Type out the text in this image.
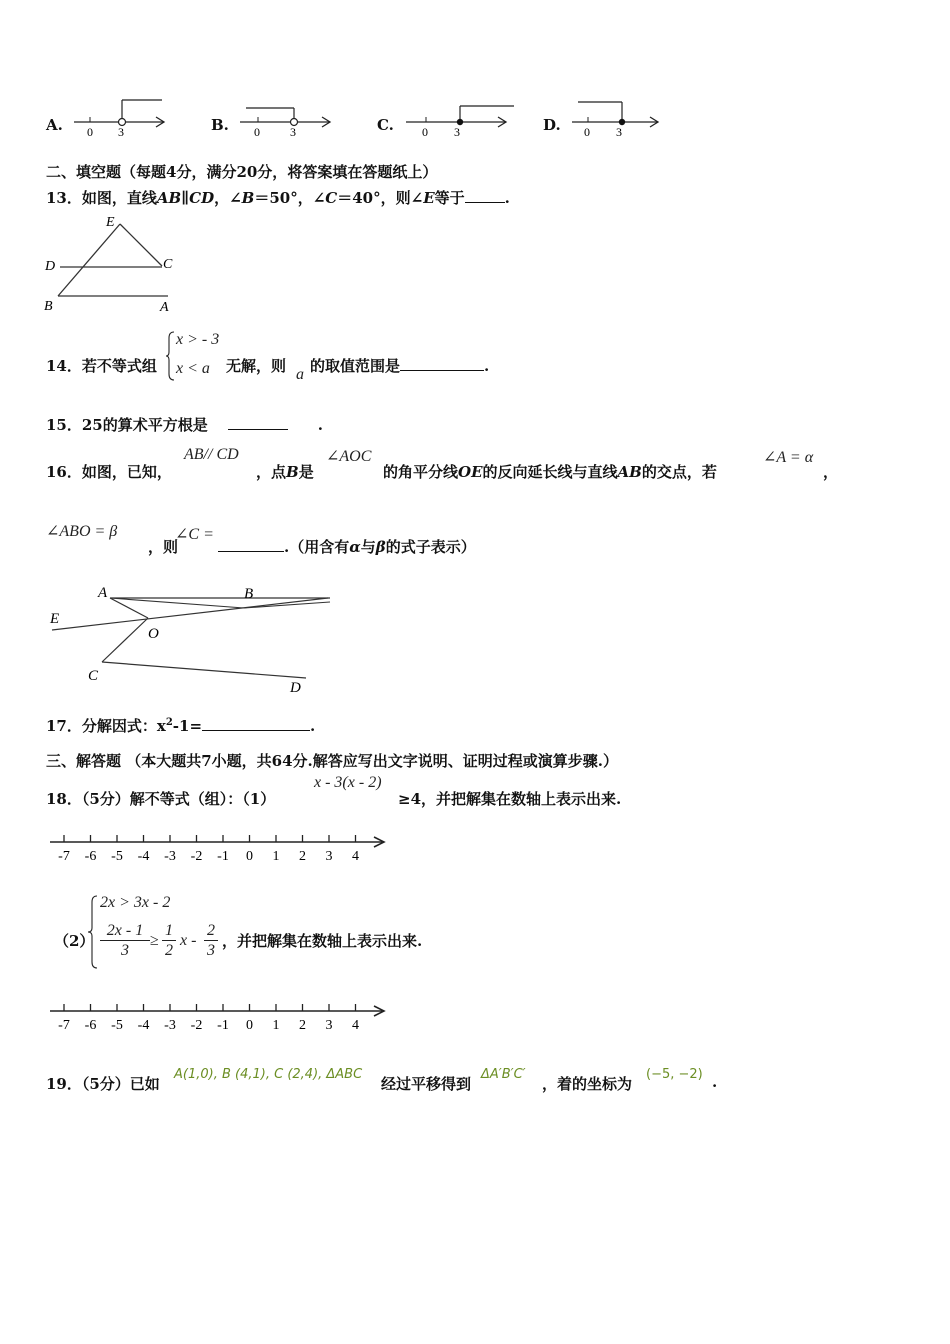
A. 0 3	B. 0	3	C. 0 3	D. 0 3
二、填空题（每题4分，满分20分，将答案填在答题纸上）
13．如图，直线AB∥CD，∠B＝50°，∠C＝40°，则∠E等于	.
E
D	C
B	A
14．若不等式组
x > - 3
x < a 无解，则 a 的取值范围是	.
15．25的算术平方根是	.
16．如图，已知，
AB// CD
，点B是
∠AOC
的角平分线OE的反向延长线与直线AB的交点，若
∠A = α
，
∠ABO = β
，则
∠C =
.（用含有α与β的式子表示）
A	B
E
O
C
D
17．分解因式：$x^2-1=$	.
三、解答题 （本大题共7小题，共64分.解答应写出文字说明、证明过程或演算步骤.）
18．（5分）解不等式（组）：（1）
x - 3(x - 2)
≥4，并把解集在数轴上表示出来.
-7 -6 -5 -4 -3 -2 -1 0 1 2 3 4
（2）
2x > 3x - 2
2x - 1
3
≥
1
2
x -
2
3
，并把解集在数轴上表示出来.
-7 -6 -5 -4 -3 -2 -1 0 1 2 3 4
19．（5分）已如
A(1,0), B (4,1), C (2,4), ΔABC
经过平移得到
ΔA′B′C′
，着的坐标为
(−5, −2) .
